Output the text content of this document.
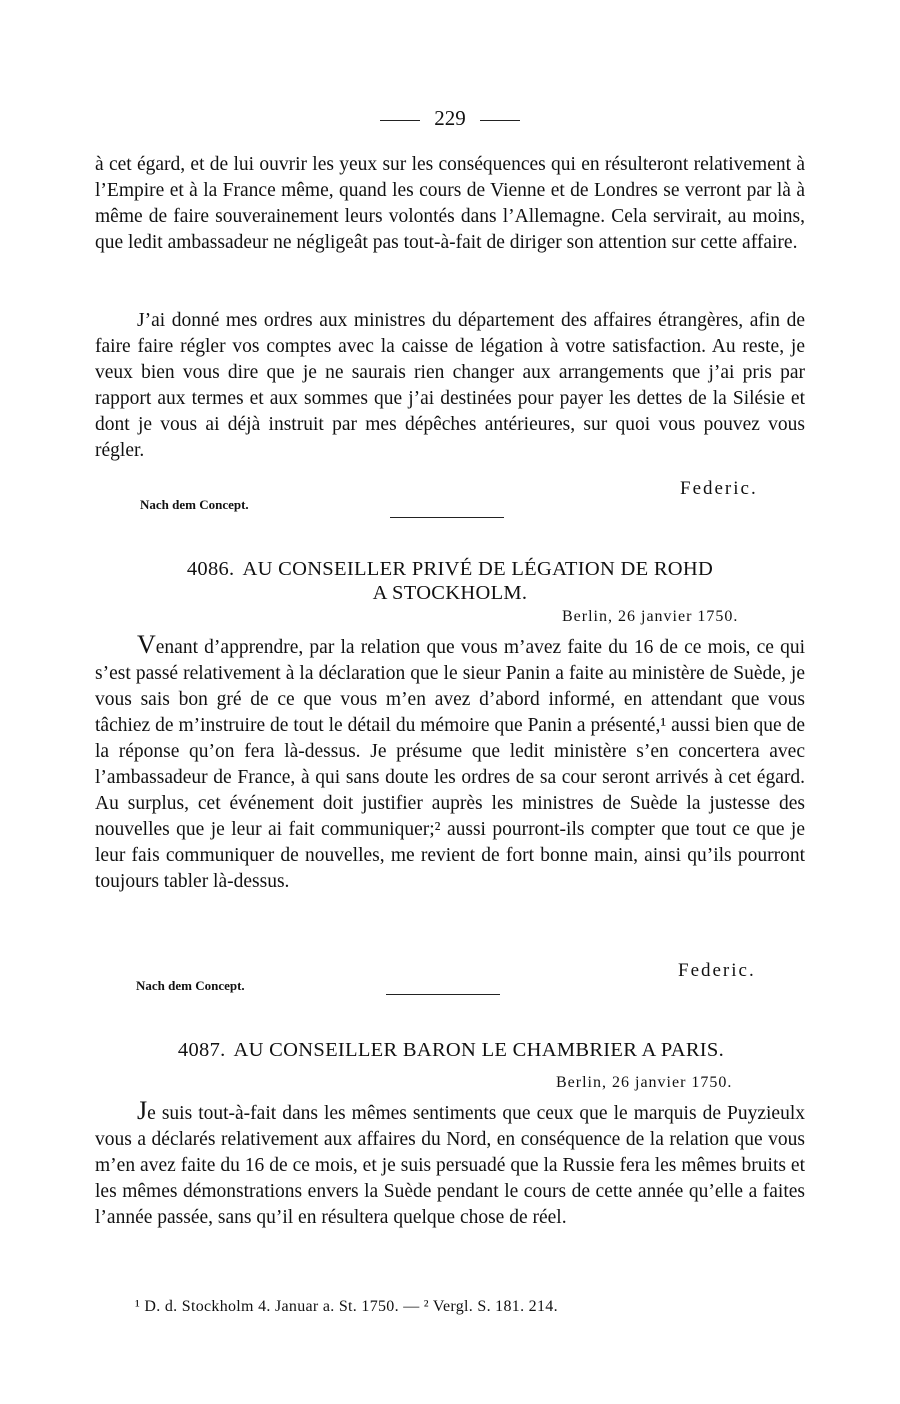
229

à cet égard, et de lui ouvrir les yeux sur les conséquences qui en résulteront relativement à l’Empire et à la France même, quand les cours de Vienne et de Londres se verront par là à même de faire souverainement leurs volontés dans l’Allemagne. Cela servirait, au moins, que ledit ambassadeur ne négligeât pas tout-à-fait de diriger son attention sur cette affaire.

J’ai donné mes ordres aux ministres du département des affaires étrangères, afin de faire faire régler vos comptes avec la caisse de légation à votre satisfaction. Au reste, je veux bien vous dire que je ne saurais rien changer aux arrangements que j’ai pris par rapport aux termes et aux sommes que j’ai destinées pour payer les dettes de la Silésie et dont je vous ai déjà instruit par mes dépêches antérieures, sur quoi vous pouvez vous régler.

Federic.
Nach dem Concept.
4086. AU CONSEILLER PRIVÉ DE LÉGATION DE ROHD
A STOCKHOLM.
Berlin, 26 janvier 1750.

Venant d’apprendre, par la relation que vous m’avez faite du 16 de ce mois, ce qui s’est passé relativement à la déclaration que le sieur Panin a faite au ministère de Suède, je vous sais bon gré de ce que vous m’en avez d’abord informé, en attendant que vous tâchiez de m’instruire de tout le détail du mémoire que Panin a présenté,¹ aussi bien que de la réponse qu’on fera là-dessus. Je présume que ledit ministère s’en concertera avec l’ambassadeur de France, à qui sans doute les ordres de sa cour seront arrivés à cet égard. Au surplus, cet événement doit justifier auprès les ministres de Suède la justesse des nouvelles que je leur ai fait communiquer;² aussi pourront-ils compter que tout ce que je leur fais communiquer de nouvelles, me revient de fort bonne main, ainsi qu’ils pourront toujours tabler là-dessus.

Federic.
Nach dem Concept.
4087. AU CONSEILLER BARON LE CHAMBRIER A PARIS.
Berlin, 26 janvier 1750.

Je suis tout-à-fait dans les mêmes sentiments que ceux que le marquis de Puyzieulx vous a déclarés relativement aux affaires du Nord, en conséquence de la relation que vous m’en avez faite du 16 de ce mois, et je suis persuadé que la Russie fera les mêmes bruits et les mêmes démonstrations envers la Suède pendant le cours de cette année qu’elle a faites l’année passée, sans qu’il en résultera quelque chose de réel.

¹ D. d. Stockholm 4. Januar a. St. 1750. — ² Vergl. S. 181. 214.
